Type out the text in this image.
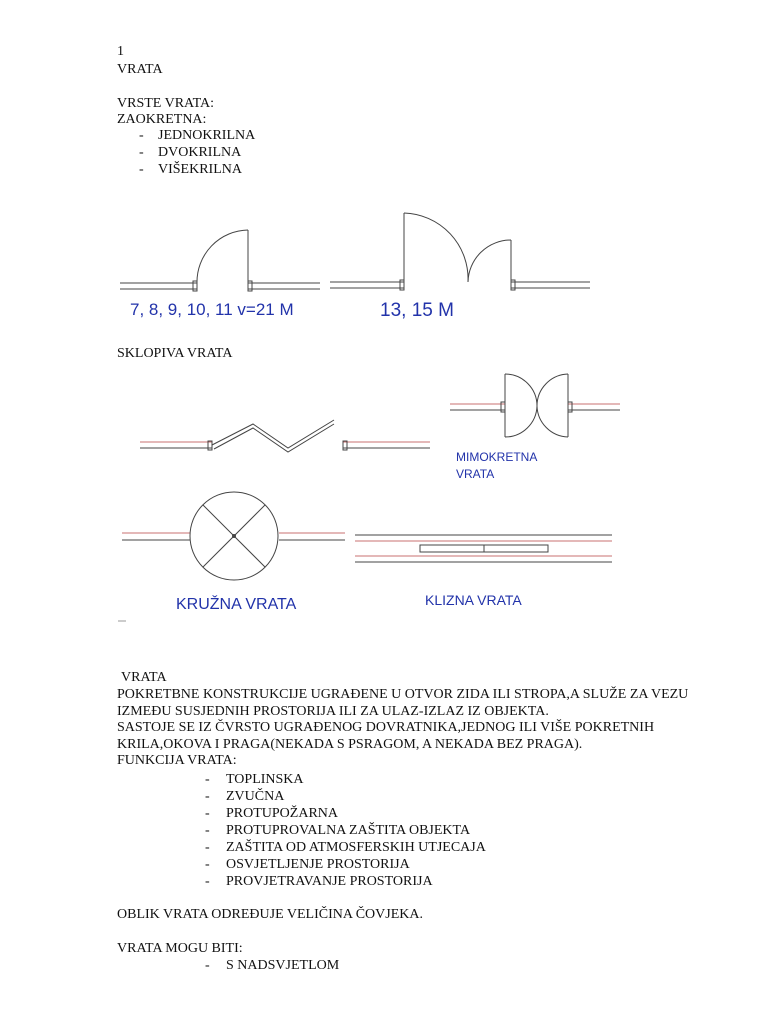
1
VRATA
VRSTE VRATA:
ZAOKRETNA:
- JEDNOKRILNA
- DVOKRILNA
- VIŠEKRILNA
7, 8, 9, 10, 11 v=21 M	13, 15 M
SKLOPIVA VRATA
MIMOKRETNA
VRATA
KRUŽNA VRATA	KLIZNA VRATA
VRATA
POKRETBNE KONSTRUKCIJE UGRAĐENE U OTVOR ZIDA ILI STROPA,A SLUŽE ZA VEZU
IZMEĐU SUSJEDNIH PROSTORIJA ILI ZA ULAZ-IZLAZ IZ OBJEKTA.
SASTOJE SE IZ ČVRSTO UGRAĐENOG DOVRATNIKA,JEDNOG ILI VIŠE POKRETNIH
KRILA,OKOVA I PRAGA(NEKADA S PSRAGOM, A NEKADA BEZ PRAGA).
FUNKCIJA VRATA:
- TOPLINSKA
- ZVUČNA
- PROTUPOŽARNA
- PROTUPROVALNA ZAŠTITA OBJEKTA
- ZAŠTITA OD ATMOSFERSKIH UTJECAJA
- OSVJETLJENJE PROSTORIJA
- PROVJETRAVANJE PROSTORIJA
OBLIK VRATA ODREĐUJE VELIČINA ČOVJEKA.
VRATA MOGU BITI:
- S NADSVJETLOM
